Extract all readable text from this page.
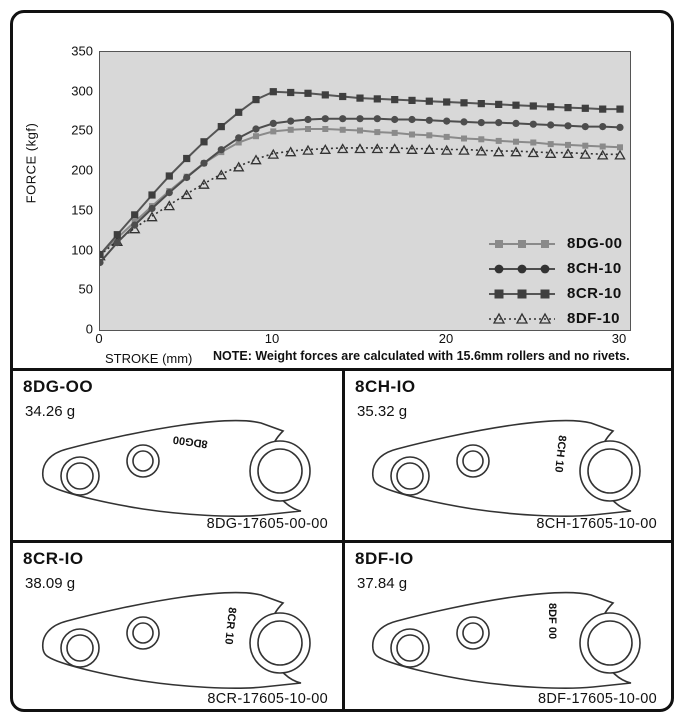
FORCE (kgf)
350
300
250
200
150
100
50
0
0	10	20	30
STROKE (mm) NOTE: Weight forces are calculated with 15.6mm rollers and no rivets.
8DG-00
8CH-10
8CR-10
8DF-10
8DG-OO
34.26 g
8DG00
8DG-17605-00-00
8CH-IO
35.32 g
8CH 10
8CH-17605-10-00
8CR-IO
38.09 g
8CR 10
8CR-17605-10-00
8DF-IO
37.84 g
8DF 00
8DF-17605-10-00
